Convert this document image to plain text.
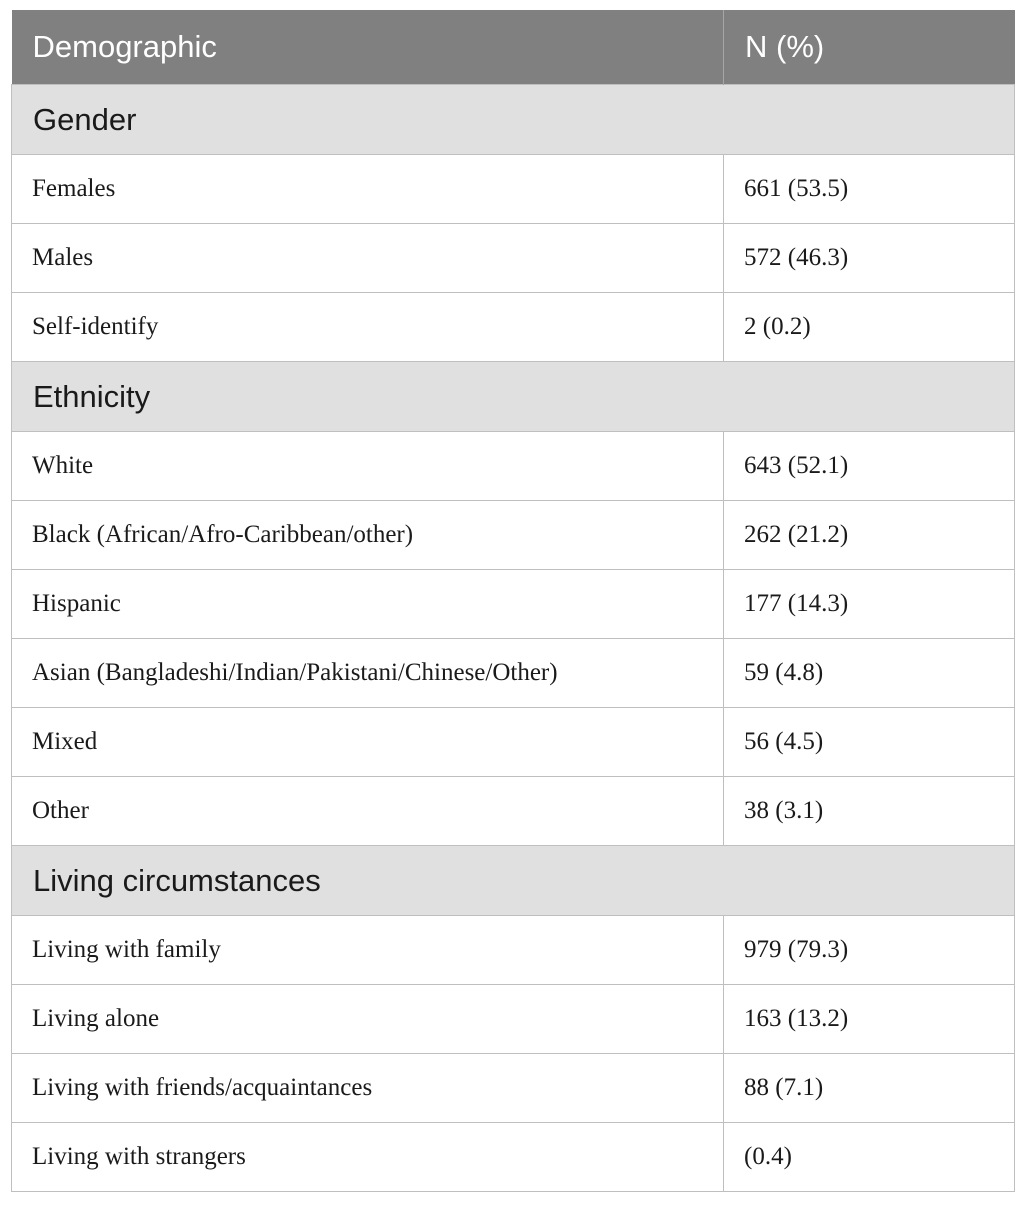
Demographic	N (%)
Gender	
Females	661 (53.5)
Males	572 (46.3)
Self-identify	2 (0.2)
Ethnicity	
White	643 (52.1)
Black (African/Afro-Caribbean/other)	262 (21.2)
Hispanic	177 (14.3)
Asian (Bangladeshi/Indian/Pakistani/Chinese/Other)	59 (4.8)
Mixed	56 (4.5)
Other	38 (3.1)
Living circumstances	
Living with family	979 (79.3)
Living alone	163 (13.2)
Living with friends/acquaintances	88 (7.1)
Living with strangers	(0.4)
